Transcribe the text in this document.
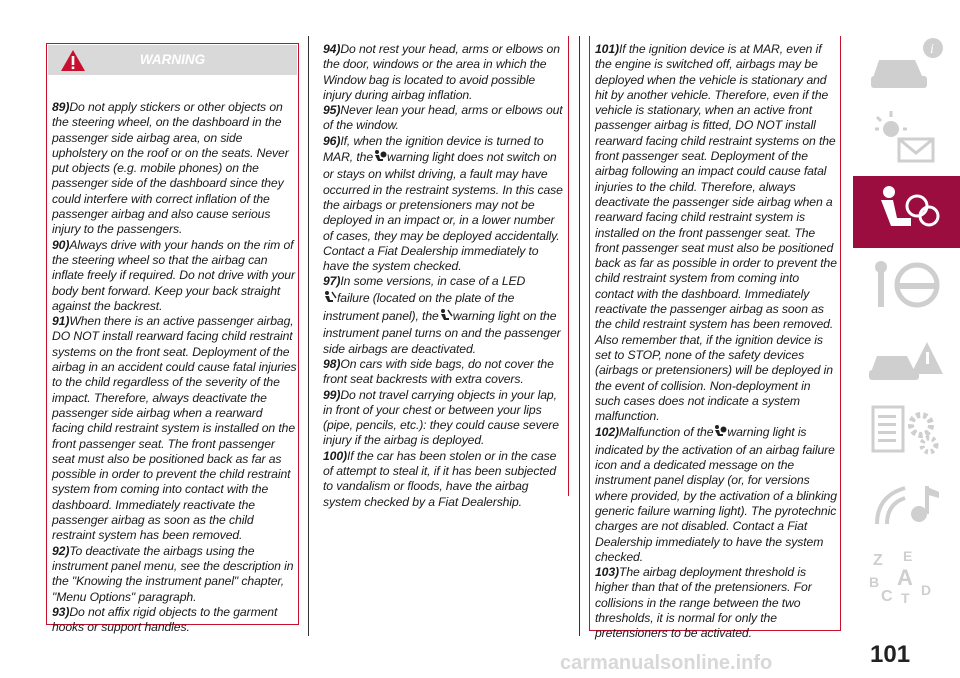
WARNING

89)Do not apply stickers or other objects on the steering wheel, on the dashboard in the passenger side airbag area, on side upholstery on the roof or on the seats. Never put objects (e.g. mobile phones) on the passenger side of the dashboard since they could interfere with correct inflation of the passenger airbag and also cause serious injury to the passengers.

90)Always drive with your hands on the rim of the steering wheel so that the airbag can inflate freely if required. Do not drive with your body bent forward. Keep your back straight against the backrest.

91)When there is an active passenger airbag, DO NOT install rearward facing child restraint systems on the front seat. Deployment of the airbag in an accident could cause fatal injuries to the child regardless of the severity of the impact. Therefore, always deactivate the passenger side airbag when a rearward facing child restraint system is installed on the front passenger seat. The front passenger seat must also be positioned back as far as possible in order to prevent the child restraint system from coming into contact with the dashboard. Immediately reactivate the passenger airbag as soon as the child restraint system has been removed.

92)To deactivate the airbags using the instrument panel menu, see the description in the "Knowing the instrument panel" chapter, "Menu Options" paragraph.

93)Do not affix rigid objects to the garment hooks or support handles.

94)Do not rest your head, arms or elbows on the door, windows or the area in which the Window bag is located to avoid possible injury during airbag inflation.

95)Never lean your head, arms or elbows out of the window.

96)If, when the ignition device is turned to MAR, the warning light does not switch on or stays on whilst driving, a fault may have occurred in the restraint systems. In this case the airbags or pretensioners may not be deployed in an impact or, in a lower number of cases, they may be deployed accidentally. Contact a Fiat Dealership immediately to have the system checked.

97)In some versions, in case of a LED
failure (located on the plate of the instrument panel), the warning light on the instrument panel turns on and the passenger side airbags are deactivated.

98)On cars with side bags, do not cover the front seat backrests with extra covers.

99)Do not travel carrying objects in your lap, in front of your chest or between your lips (pipe, pencils, etc.): they could cause severe injury if the airbag is deployed.

100)If the car has been stolen or in the case of attempt to steal it, if it has been subjected to vandalism or floods, have the airbag system checked by a Fiat Dealership.

101)If the ignition device is at MAR, even if the engine is switched off, airbags may be deployed when the vehicle is stationary and hit by another vehicle. Therefore, even if the vehicle is stationary, when an active front passenger airbag is fitted, DO NOT install rearward facing child restraint systems on the front passenger seat. Deployment of the airbag following an impact could cause fatal injuries to the child. Therefore, always deactivate the passenger side airbag when a rearward facing child restraint system is installed on the front passenger seat. The front passenger seat must also be positioned back as far as possible in order to prevent the child restraint system from coming into contact with the dashboard. Immediately reactivate the passenger airbag as soon as the child restraint system has been removed. Also remember that, if the ignition device is set to STOP, none of the safety devices (airbags or pretensioners) will be deployed in the event of collision. Non-deployment in such cases does not indicate a system malfunction.

102)Malfunction of the warning light is indicated by the activation of an airbag failure icon and a dedicated message on the instrument panel display (or, for versions where provided, by the activation of a blinking generic failure warning light). The pyrotechnic charges are not disabled. Contact a Fiat Dealership immediately to have the system checked.

103)The airbag deployment threshold is higher than that of the pretensioners. For collisions in the range between the two thresholds, it is normal for only the pretensioners to be activated.

i
Z E
B A
C T D
101
carmanualsonline.info
